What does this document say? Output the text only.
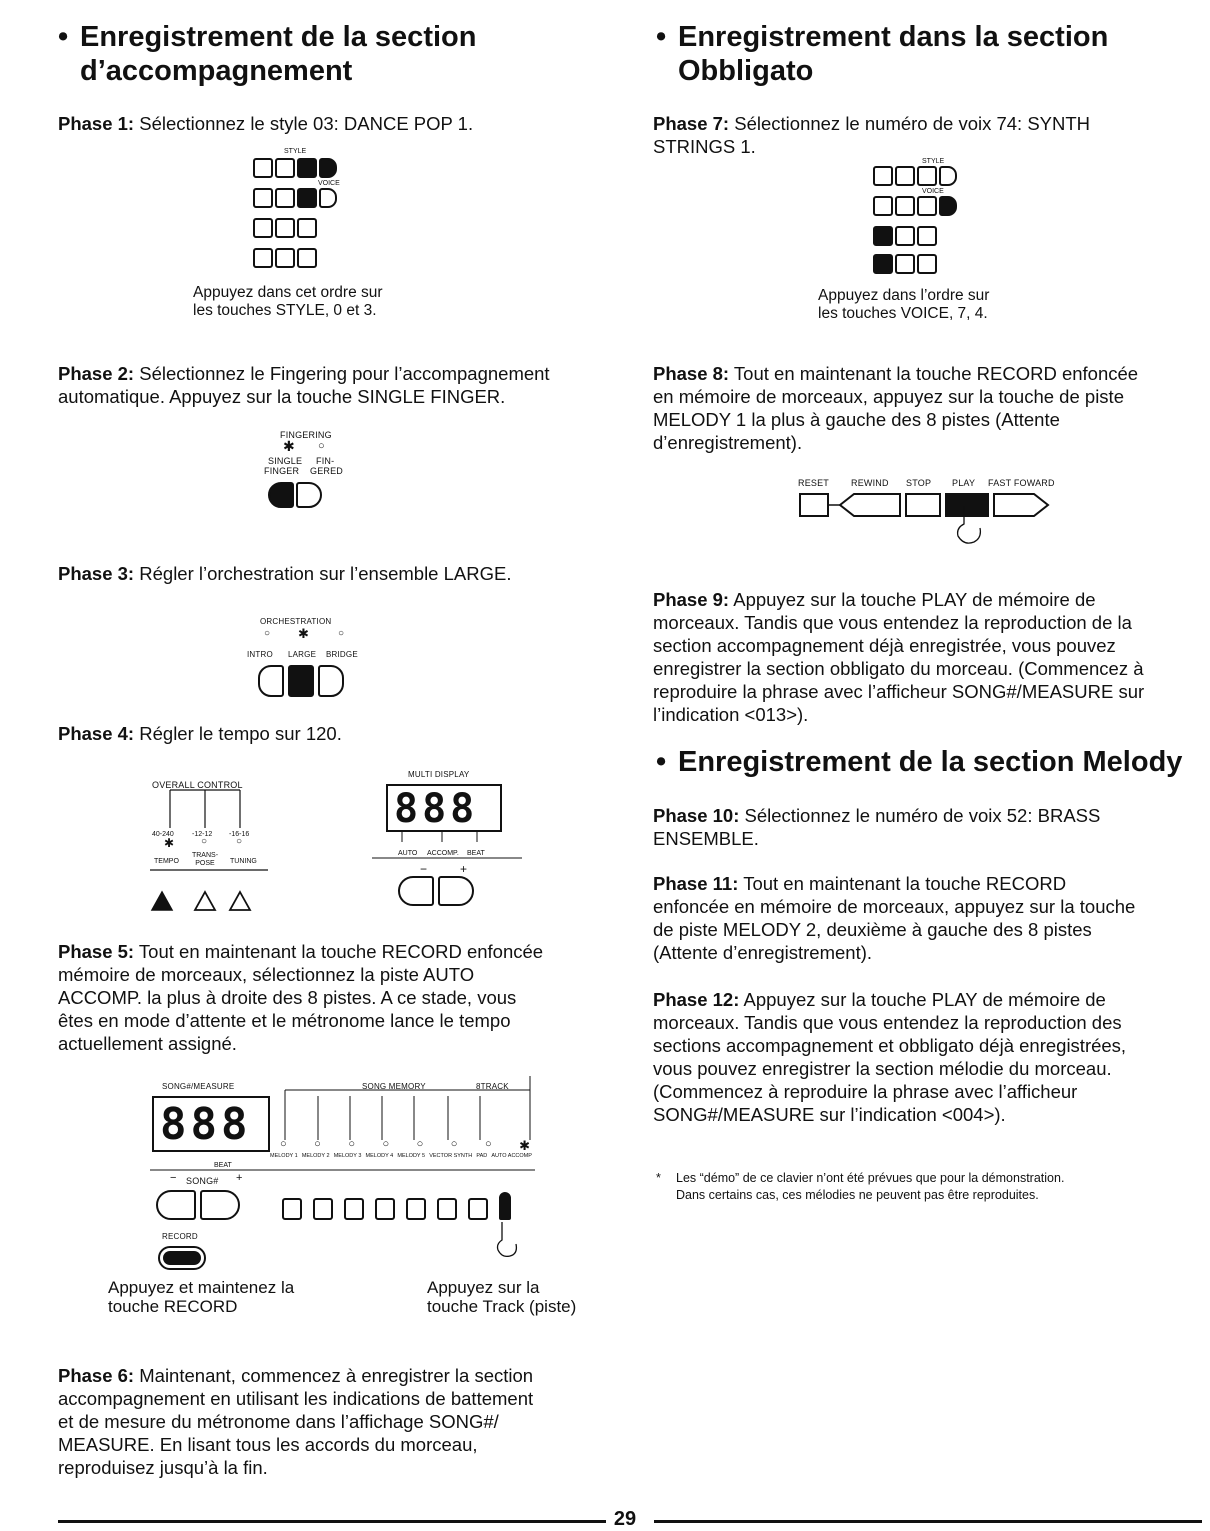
• Enregistrement de la section
d’accompagnement
Phase 1: Sélectionnez le style 03: DANCE POP 1.
STYLE
VOICE
Appuyez dans cet ordre sur
les touches STYLE, 0 et 3.
Phase 2: Sélectionnez le Fingering pour l’accompagnement
automatique. Appuyez sur la touche SINGLE FINGER.
FINGERING
✱ ○
SINGLE FIN-
FINGER GERED
Phase 3: Régler l’orchestration sur l’ensemble LARGE.
ORCHESTRATION
○ ✱	○
INTRO LARGE BRIDGE
Phase 4: Régler le tempo sur 120.
OVERALL CONTROL
40-240	-12-12 -16-16
✱	○	○
TEMPO
TRANS-POSE	TUNING
MULTI DISPLAY
888
AUTO ACCOMP. BEAT
−	+
Phase 5: Tout en maintenant la touche RECORD enfoncée
mémoire de morceaux, sélectionnez la piste AUTO
ACCOMP. la plus à droite des 8 pistes. A ce stade, vous
êtes en mode d’attente et le métronome lance le tempo
actuellement assigné.
SONG#/MEASURE	SONG MEMORY	8TRACK
888	○	○	○	○	○	○	○ ✱
MELODY 1 MELODY 2 MELODY 3 MELODY 4 MELODY 5 VECTOR SYNTH PAD AUTO ACCOMP
BEAT
− SONG# +
RECORD
Appuyez et maintenez la
touche RECORD
Appuyez sur la
touche Track (piste)
Phase 6: Maintenant, commencez à enregistrer la section
accompagnement en utilisant les indications de battement
et de mesure du métronome dans l’affichage SONG#/
MEASURE. En lisant tous les accords du morceau,
reproduisez jusqu’à la fin.
• Enregistrement dans la section
Obbligato
Phase 7: Sélectionnez le numéro de voix 74: SYNTH
STRINGS 1.
STYLE
VOICE
Appuyez dans l’ordre sur
les touches VOICE, 7, 4.
Phase 8: Tout en maintenant la touche RECORD enfoncée
en mémoire de morceaux, appuyez sur la touche de piste
MELODY 1 la plus à gauche des 8 pistes (Attente
d’enregistrement).
RESET REWIND STOP PLAY FAST FOWARD
Phase 9: Appuyez sur la touche PLAY de mémoire de
morceaux. Tandis que vous entendez la reproduction de la
section accompagnement déjà enregistrée, vous pouvez
enregistrer la section obbligato du morceau. (Commencez à
reproduire la phrase avec l’afficheur SONG#/MEASURE sur
l’indication <013>).
• Enregistrement de la section Melody
Phase 10: Sélectionnez le numéro de voix 52: BRASS
ENSEMBLE.
Phase 11: Tout en maintenant la touche RECORD
enfoncée en mémoire de morceaux, appuyez sur la touche
de piste MELODY 2, deuxième à gauche des 8 pistes
(Attente d’enregistrement).
Phase 12: Appuyez sur la touche PLAY de mémoire de
morceaux. Tandis que vous entendez la reproduction des
sections accompagnement et obbligato déjà enregistrées,
vous pouvez enregistrer la section mélodie du morceau.
(Commencez à reproduire la phrase avec l’afficheur
SONG#/MEASURE sur l’indication <004>).
* Les “démo” de ce clavier n’ont été prévues que pour la démonstration.
Dans certains cas, ces mélodies ne peuvent pas être reproduites.
29
